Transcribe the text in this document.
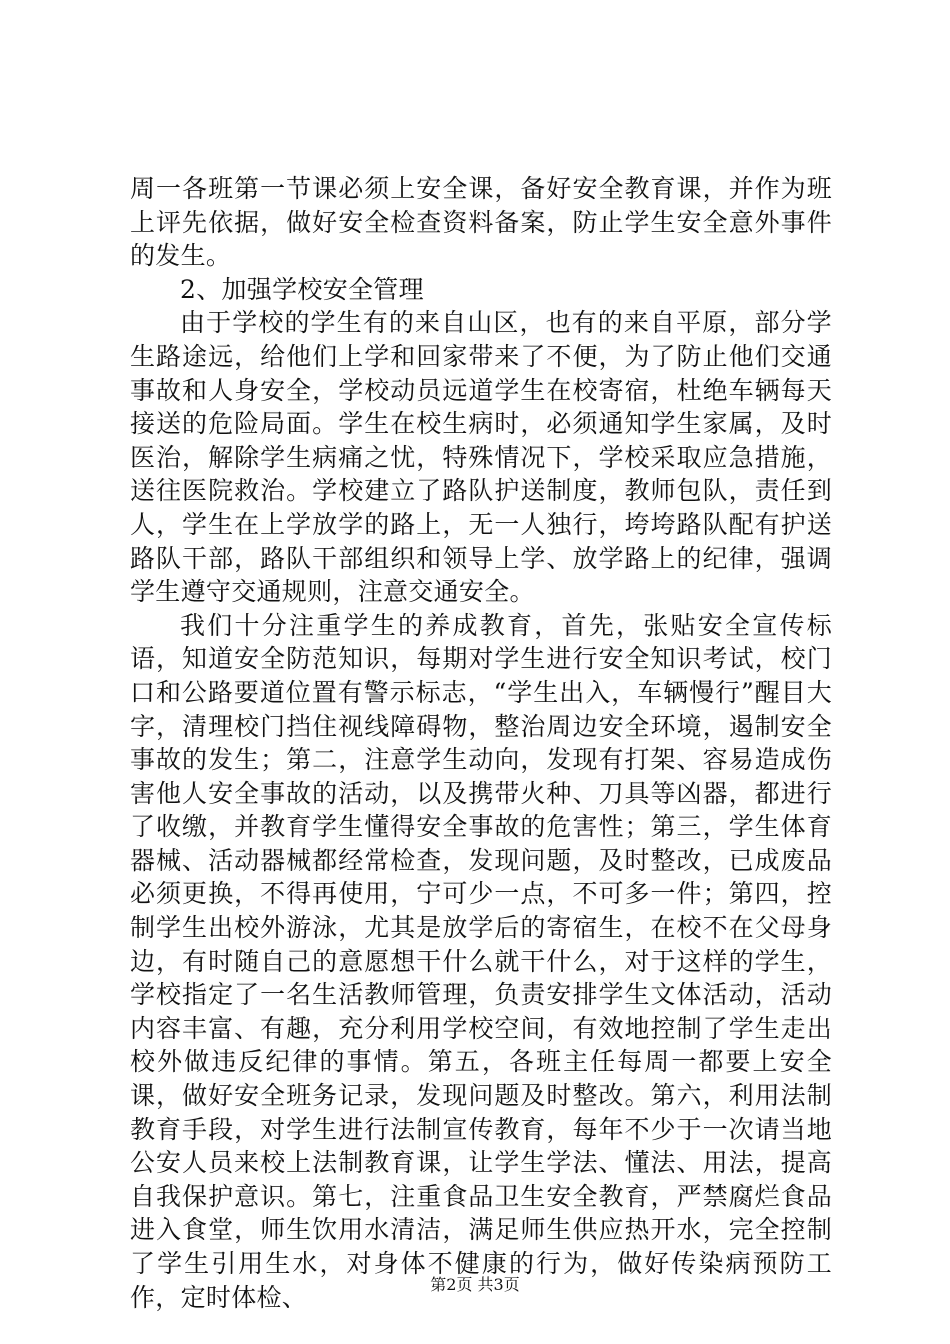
周一各班第一节课必须上安全课，备好安全教育课，并作为班上评先依据，做好安全检查资料备案，防止学生安全意外事件的发生。

2、加强学校安全管理

由于学校的学生有的来自山区，也有的来自平原，部分学生路途远，给他们上学和回家带来了不便，为了防止他们交通事故和人身安全，学校动员远道学生在校寄宿，杜绝车辆每天接送的危险局面。学生在校生病时，必须通知学生家属，及时医治，解除学生病痛之忧，特殊情况下，学校采取应急措施，送往医院救治。学校建立了路队护送制度，教师包队，责任到人，学生在上学放学的路上，无一人独行，垮垮路队配有护送路队干部，路队干部组织和领导上学、放学路上的纪律，强调学生遵守交通规则，注意交通安全。

我们十分注重学生的养成教育，首先，张贴安全宣传标语，知道安全防范知识，每期对学生进行安全知识考试，校门口和公路要道位置有警示标志，“学生出入，车辆慢行”醒目大字，清理校门挡住视线障碍物，整治周边安全环境，遏制安全事故的发生；第二，注意学生动向，发现有打架、容易造成伤害他人安全事故的活动，以及携带火种、刀具等凶器，都进行了收缴，并教育学生懂得安全事故的危害性；第三，学生体育器械、活动器械都经常检查，发现问题，及时整改，已成废品必须更换，不得再使用，宁可少一点，不可多一件；第四，控制学生出校外游泳，尤其是放学后的寄宿生，在校不在父母身边，有时随自己的意愿想干什么就干什么，对于这样的学生，学校指定了一名生活教师管理，负责安排学生文体活动，活动内容丰富、有趣，充分利用学校空间，有效地控制了学生走出校外做违反纪律的事情。第五，各班主任每周一都要上安全课，做好安全班务记录，发现问题及时整改。第六，利用法制教育手段，对学生进行法制宣传教育，每年不少于一次请当地公安人员来校上法制教育课，让学生学法、懂法、用法，提高自我保护意识。第七，注重食品卫生安全教育，严禁腐烂食品进入食堂，师生饮用水清洁，满足师生供应热开水，完全控制了学生引用生水，对身体不健康的行为，做好传染病预防工作，定时体检、	第2页 共3页
